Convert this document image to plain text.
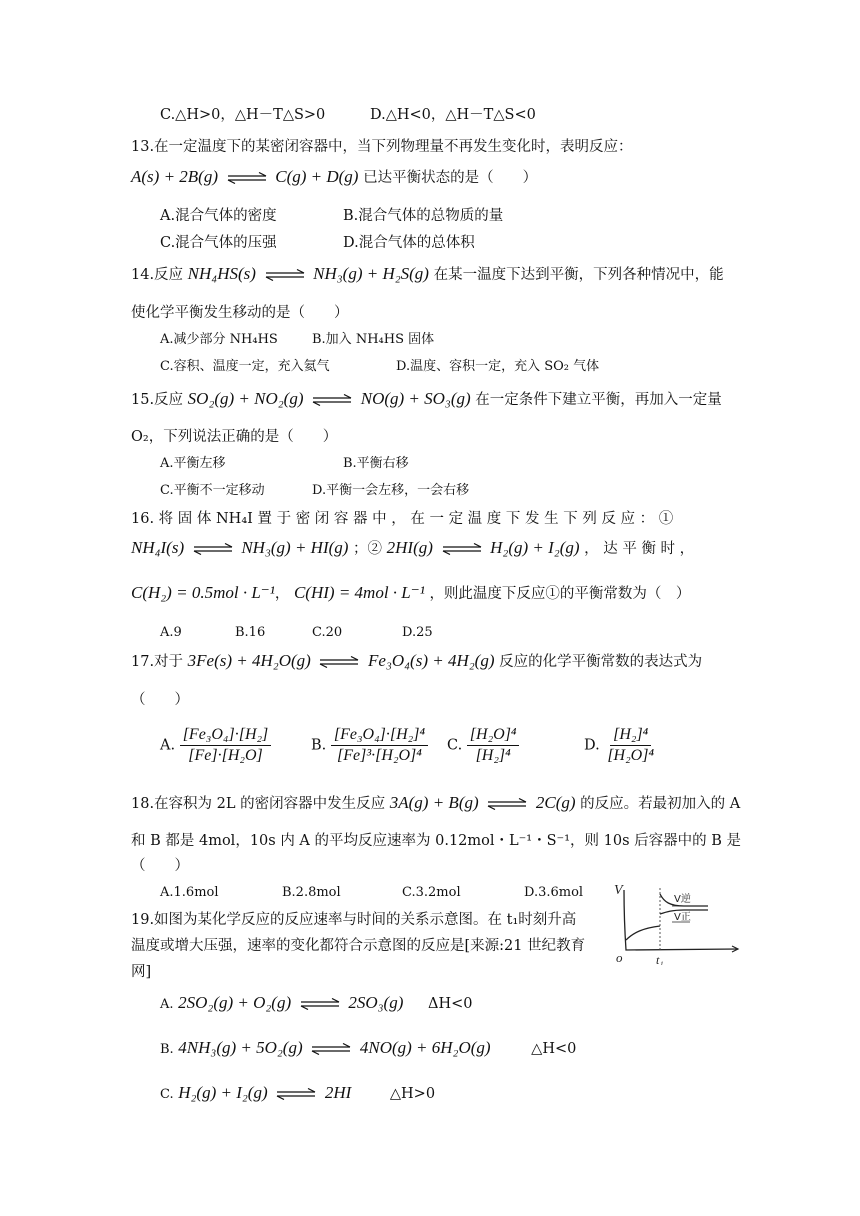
C.△H>0，△H－T△S>0	D.△H<0，△H－T△S<0
13.在一定温度下的某密闭容器中，当下列物理量不再发生变化时，表明反应：
A(s) + 2B(g)	C(g) + D(g) 已达平衡状态的是（　　）
A.混合气体的密度	B.混合气体的总物质的量
C.混合气体的压强	D.混合气体的总体积
14.反应 NH₄HS(s)	NH₃(g) + H₂S(g) 在某一温度下达到平衡，下列各种情况中，能
使化学平衡发生移动的是（　　）
A.减少部分 NH₄HS	B.加入 NH₄HS 固体
C.容积、温度一定，充入氦气	D.温度、容积一定，充入 SO₂ 气体
15.反应 SO₂(g) + NO₂(g)	NO(g) + SO₃(g) 在一定条件下建立平衡，再加入一定量
O₂，下列说法正确的是（　　）
A.平衡左移	B.平衡右移
C.平衡不一定移动	D.平衡一会左移，一会右移
16. 将 固 体 NH₄I 置 于 密 闭 容 器 中 ， 在 一 定 温 度 下 发 生 下 列 反 应 ： ①
NH₄I(s)	NH₃(g) + HI(g) ；② 2HI(g)	H₂(g) + I₂(g) ， 达 平 衡 时 ，
C(H₂) = 0.5mol · L⁻¹， C(HI) = 4mol · L⁻¹ ，则此温度下反应①的平衡常数为（　）
A.9	B.16	C.20	D.25
17.对于 3Fe(s) + 4H₂O(g)	Fe₃O₄(s) + 4H₂(g) 反应的化学平衡常数的表达式为
（　　）
A. $\frac{\text{[Fe₃O₄]·[H₂]}}{\text{[Fe]·[H₂O]}}$	B. $\frac{\text{[Fe₃O₄]·[H₂]⁴}}{\text{[Fe]³·[H₂O]⁴}} C$. $\frac{\text{[H₂O]⁴}}{\text{[H₂]⁴}}$	D. $\frac{\text{[H₂]⁴}}{\text{[H₂O]⁴}}$
18.在容积为 2L 的密闭容器中发生反应 3A(g) + B(g)	2C(g) 的反应。若最初加入的 A
和 B 都是 4mol，10s 内 A 的平均反应速率为 0.12mol・L⁻¹・S⁻¹，则 10s 后容器中的 B 是
（　　）
A.1.6mol	B.2.8mol	C.3.2mol	D.3.6mol
19.如图为某化学反应的反应速率与时间的关系示意图。在 t₁时刻升高
温度或增大压强，速率的变化都符合示意图的反应是[来源:21 世纪教育
网]
A. 2SO₂(g) + O₂(g)	2SO₃(g) ΔH<0
B. 4NH₃(g) + 5O₂(g)	4NO(g) + 6H₂O(g)	△H<0
C. H₂(g) + I₂(g)	2HI	△H>0
V
o	t₁
V逆
V正
